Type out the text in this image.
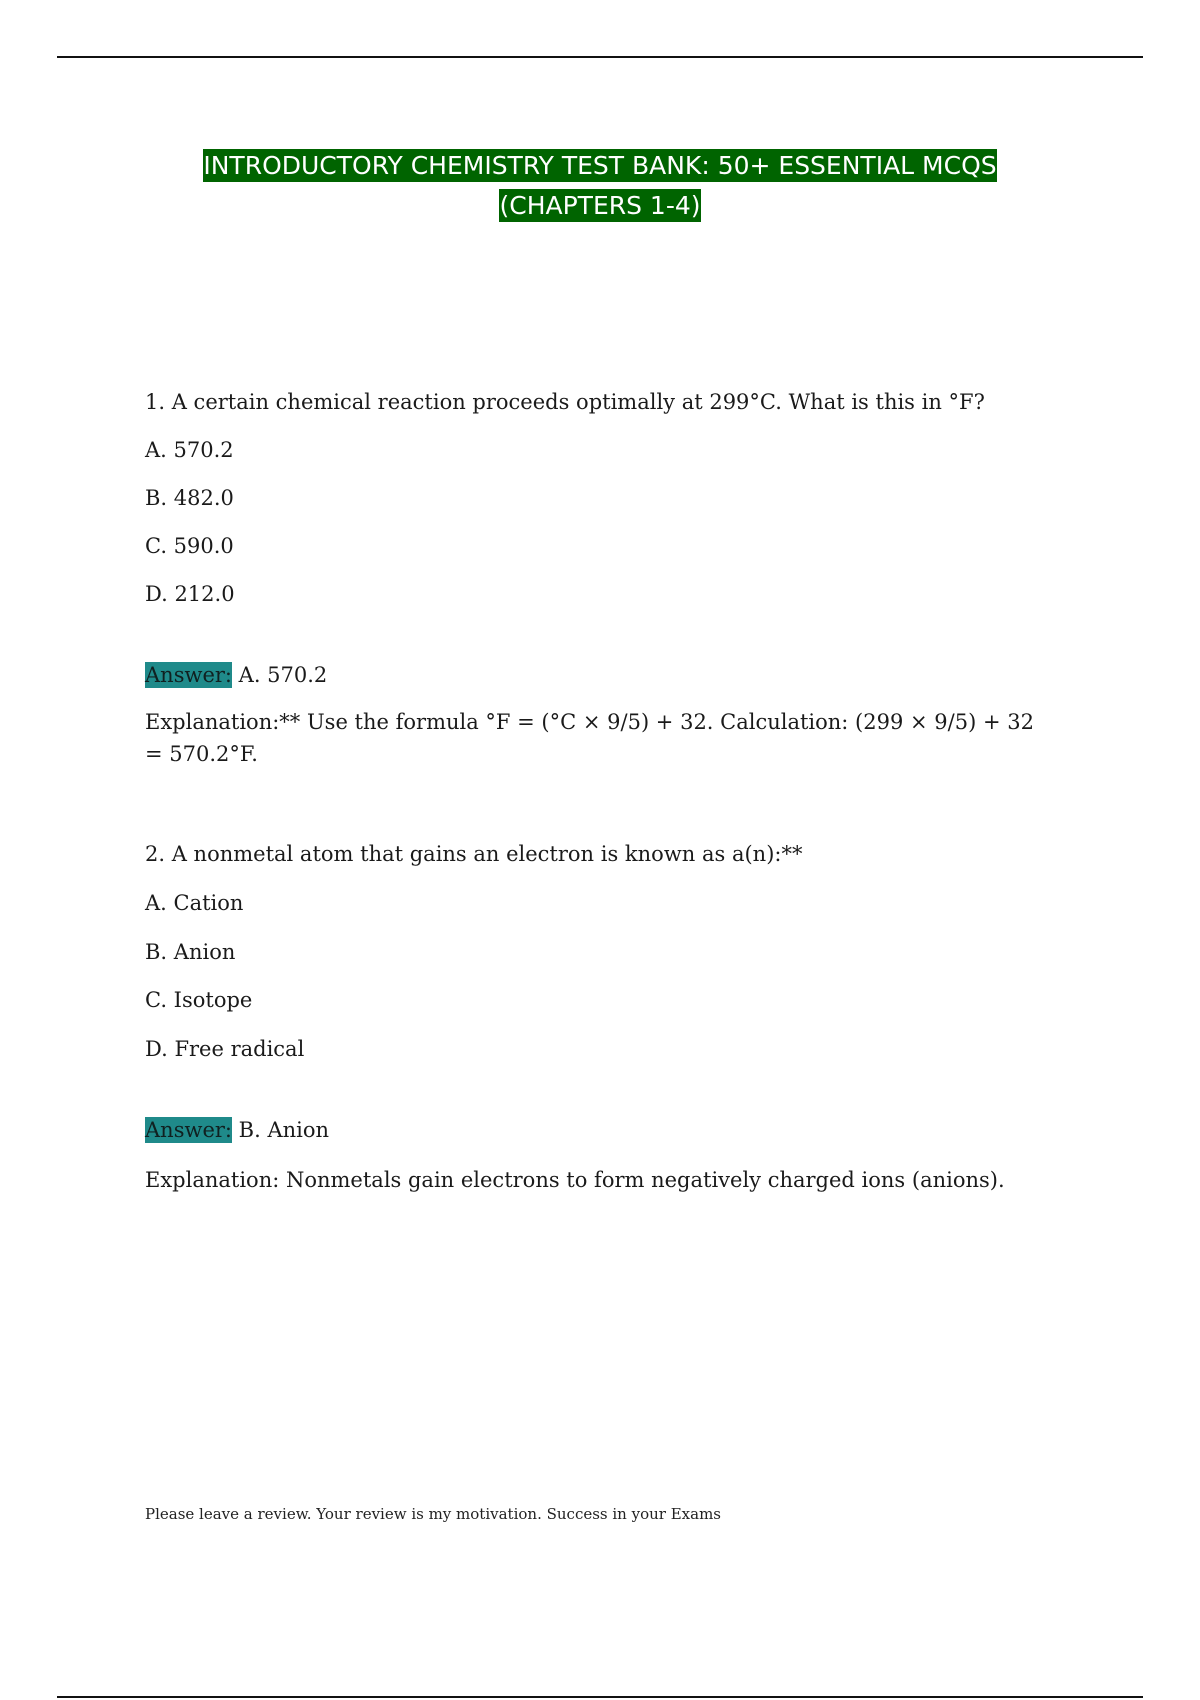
INTRODUCTORY CHEMISTRY TEST BANK: 50+ ESSENTIAL MCQS
(CHAPTERS 1-4)
1. A certain chemical reaction proceeds optimally at 299°C. What is this in °F?
A. 570.2
B. 482.0
C. 590.0
D. 212.0
Answer: A. 570.2
Explanation:** Use the formula °F = (°C × 9/5) + 32. Calculation: (299 × 9/5) + 32 = 570.2°F.
2. A nonmetal atom that gains an electron is known as a(n):**
A. Cation
B. Anion
C. Isotope
D. Free radical
Answer: B. Anion
Explanation: Nonmetals gain electrons to form negatively charged ions (anions).
Please leave a review. Your review is my motivation. Success in your Exams
